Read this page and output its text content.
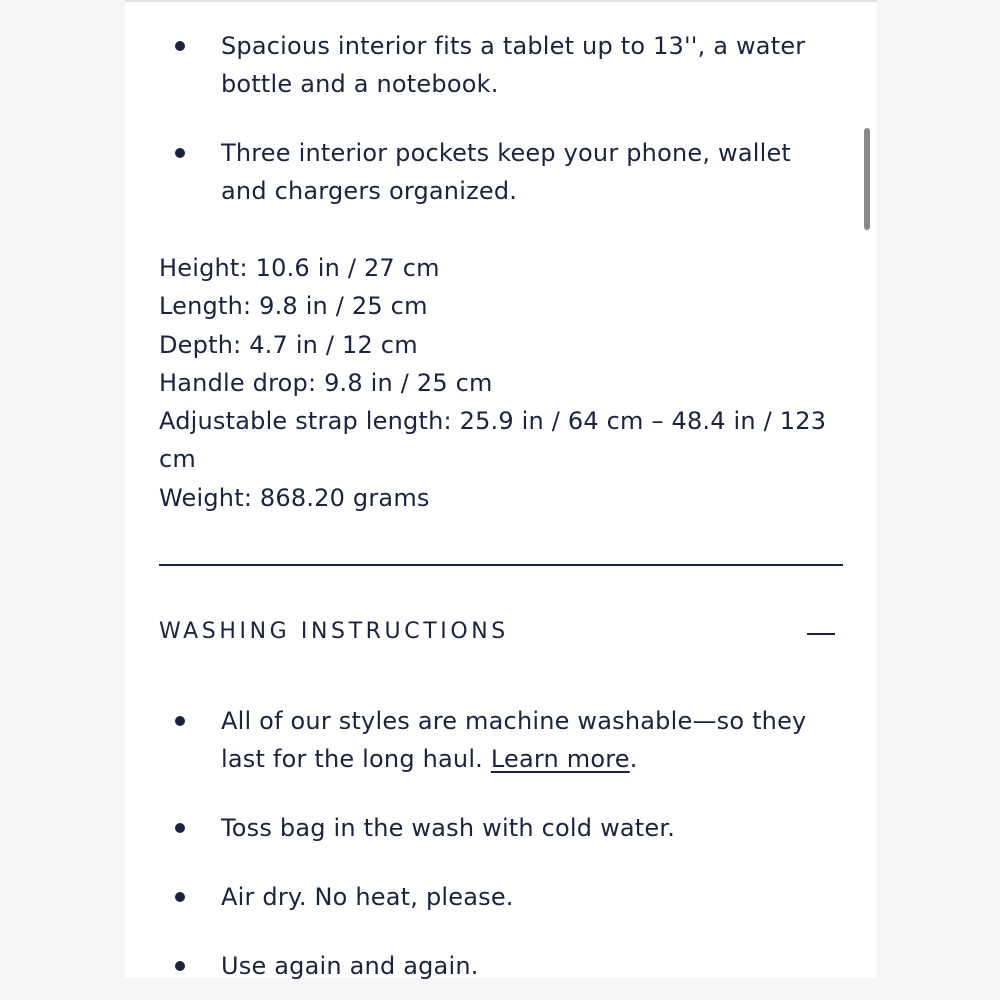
Spacious interior fits a tablet up to 13'', a water bottle and a notebook.
Three interior pockets keep your phone, wallet and chargers organized.
Height: 10.6 in / 27 cm
Length: 9.8 in / 25 cm
Depth: 4.7 in / 12 cm
Handle drop: 9.8 in / 25 cm
Adjustable strap length: 25.9 in / 64 cm – 48.4 in / 123 cm
Weight: 868.20 grams
WASHING INSTRUCTIONS
All of our styles are machine washable—so they last for the long haul. Learn more.
Toss bag in the wash with cold water.
Air dry. No heat, please.
Use again and again.
